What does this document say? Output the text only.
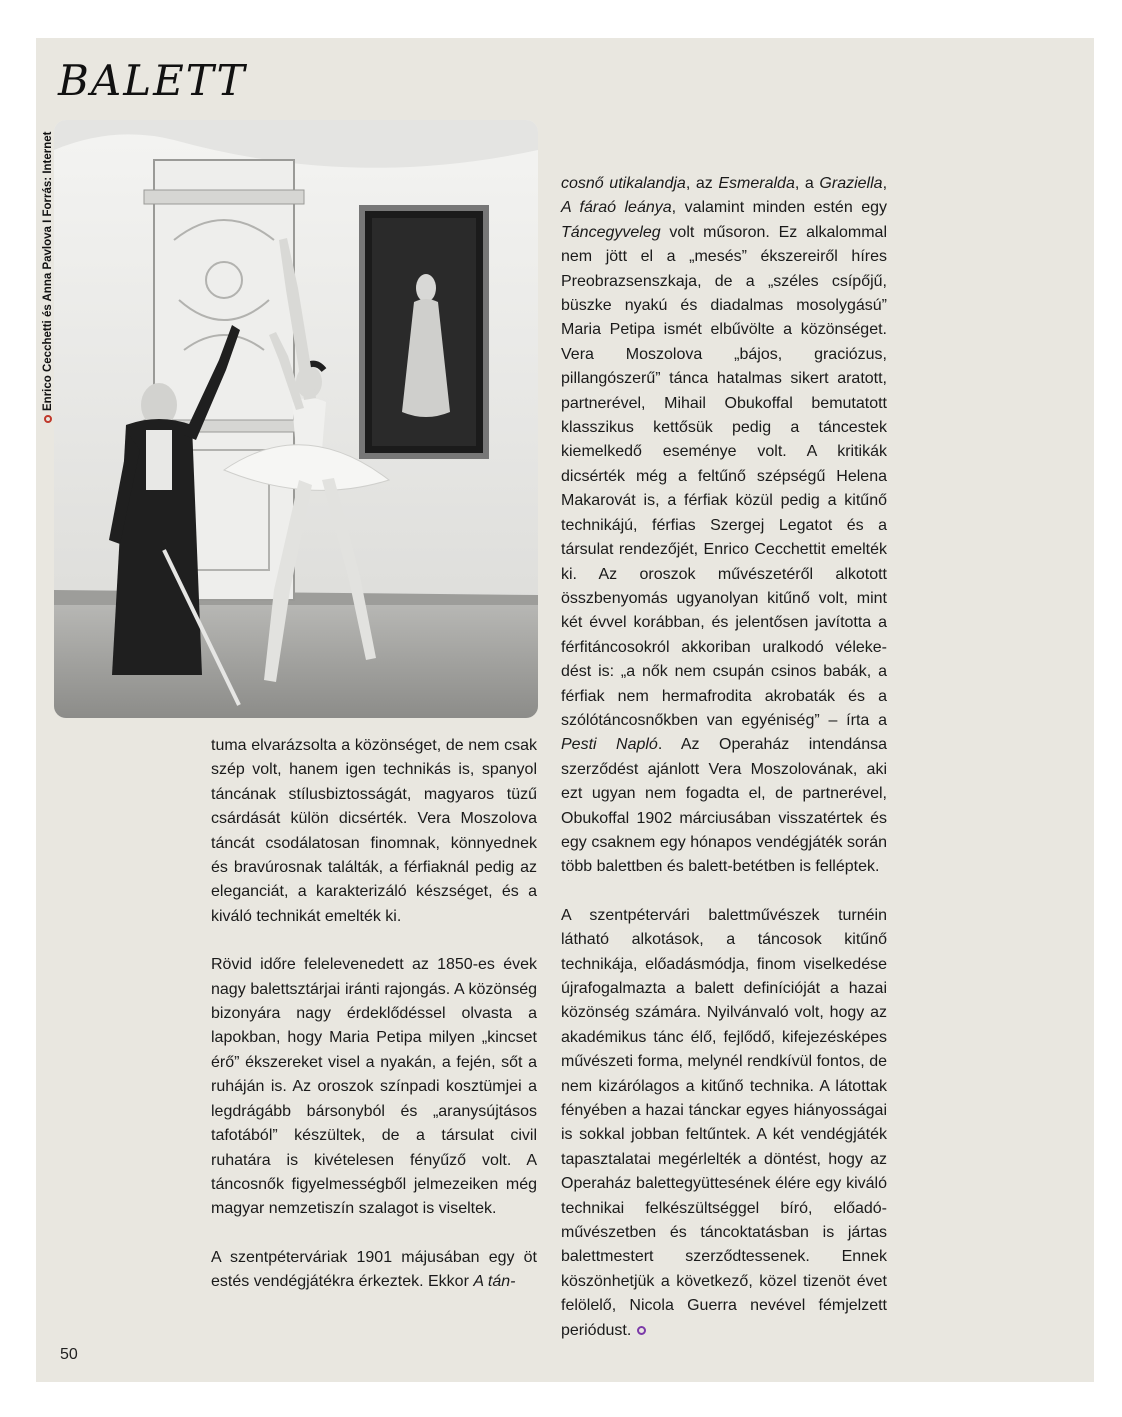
BALETT
Enrico Cecchetti és Anna Pavlova I Forrás: Internet

tuma elvarázsolta a közönséget, de nem csak szép volt, hanem igen technikás is, spanyol táncának stílusbiztosságát, magyaros tüzű csárdását külön dicsérték. Vera Moszolova táncát csodálatosan finomnak, könnyednek és bravúrosnak találták, a férfiaknál pedig az eleganciát, a karakterizáló készséget, és a kiváló technikát emelték ki.

Rövid időre felelevenedett az 1850-es évek nagy balettsztárjai iránti rajongás. A közönség bizonyára nagy érdeklődéssel olvasta a lapokban, hogy Maria Petipa milyen „kincset érő” ékszereket visel a nyakán, a fején, sőt a ruháján is. Az oroszok színpadi kosztümjei a legdrágább bársonyból és „aranysújtásos tafotából” készültek, de a társulat civil ruhatára is kivételesen fényűző volt. A táncosnők figyelmességből jelmezeiken még magyar nemzetiszín szalagot is viseltek.

A szentpéterváriak 1901 májusában egy öt estés vendégjátékra érkeztek. Ekkor A tán-

cosnő utikalandja, az Esmeralda, a Graziella, A fáraó leánya, valamint minden estén egy Táncegyveleg volt műsoron. Ez alkalommal nem jött el a „mesés” ékszereiről híres Preobrazsenszkaja, de a „széles csípőjű, büszke nyakú és diadalmas mosolygású” Maria Petipa ismét elbűvölte a közönséget. Vera Moszolova „bájos, graciózus, pillangószerű” tánca hatalmas sikert aratott, partnerével, Mihail Obukoffal bemutatott klasszikus kettősük pedig a táncestek kiemelkedő eseménye volt. A kritikák dicsérték még a feltűnő szépségű Helena Makarovát is, a férfiak közül pedig a kitűnő technikájú, férfias Szergej Legatot és a társulat rendezőjét, Enrico Cecchettit emelték ki. Az oroszok művészetéről alkotott összbenyomás ugyanolyan kitűnő volt, mint két évvel korábban, és jelentősen javította a férfitáncosokról akkoriban uralkodó véleke-dést is: „a nők nem csupán csinos babák, a férfiak nem hermafrodita akrobaták és a szólótáncosnőkben van egyéniség” – írta a Pesti Napló. Az Operaház intendánsa szerződést ajánlott Vera Moszolovának, aki ezt ugyan nem fogadta el, de partnerével, Obukoffal 1902 márciusában visszatértek és egy csaknem egy hónapos vendégjáték során több balettben és balett-betétben is felléptek.

A szentpétervári balettművészek turnéin látható alkotások, a táncosok kitűnő technikája, előadásmódja, finom viselkedése újrafogalmazta a balett definícióját a hazai közönség számára. Nyilvánvaló volt, hogy az akadémikus tánc élő, fejlődő, kifejezésképes művészeti forma, melynél rendkívül fontos, de nem kizárólagos a kitűnő technika. A látottak fényében a hazai tánckar egyes hiányosságai is sokkal jobban feltűntek. A két vendégjáték tapasztalatai megérlelték a döntést, hogy az Operaház balettegyüttesének élére egy kiváló technikai felkészültséggel bíró, előadó-művészetben és táncoktatásban is jártas balettmestert szerződtessenek. Ennek köszönhetjük a következő, közel tizenöt évet felölelő, Nicola Guerra nevével fémjelzett periódust.

50
